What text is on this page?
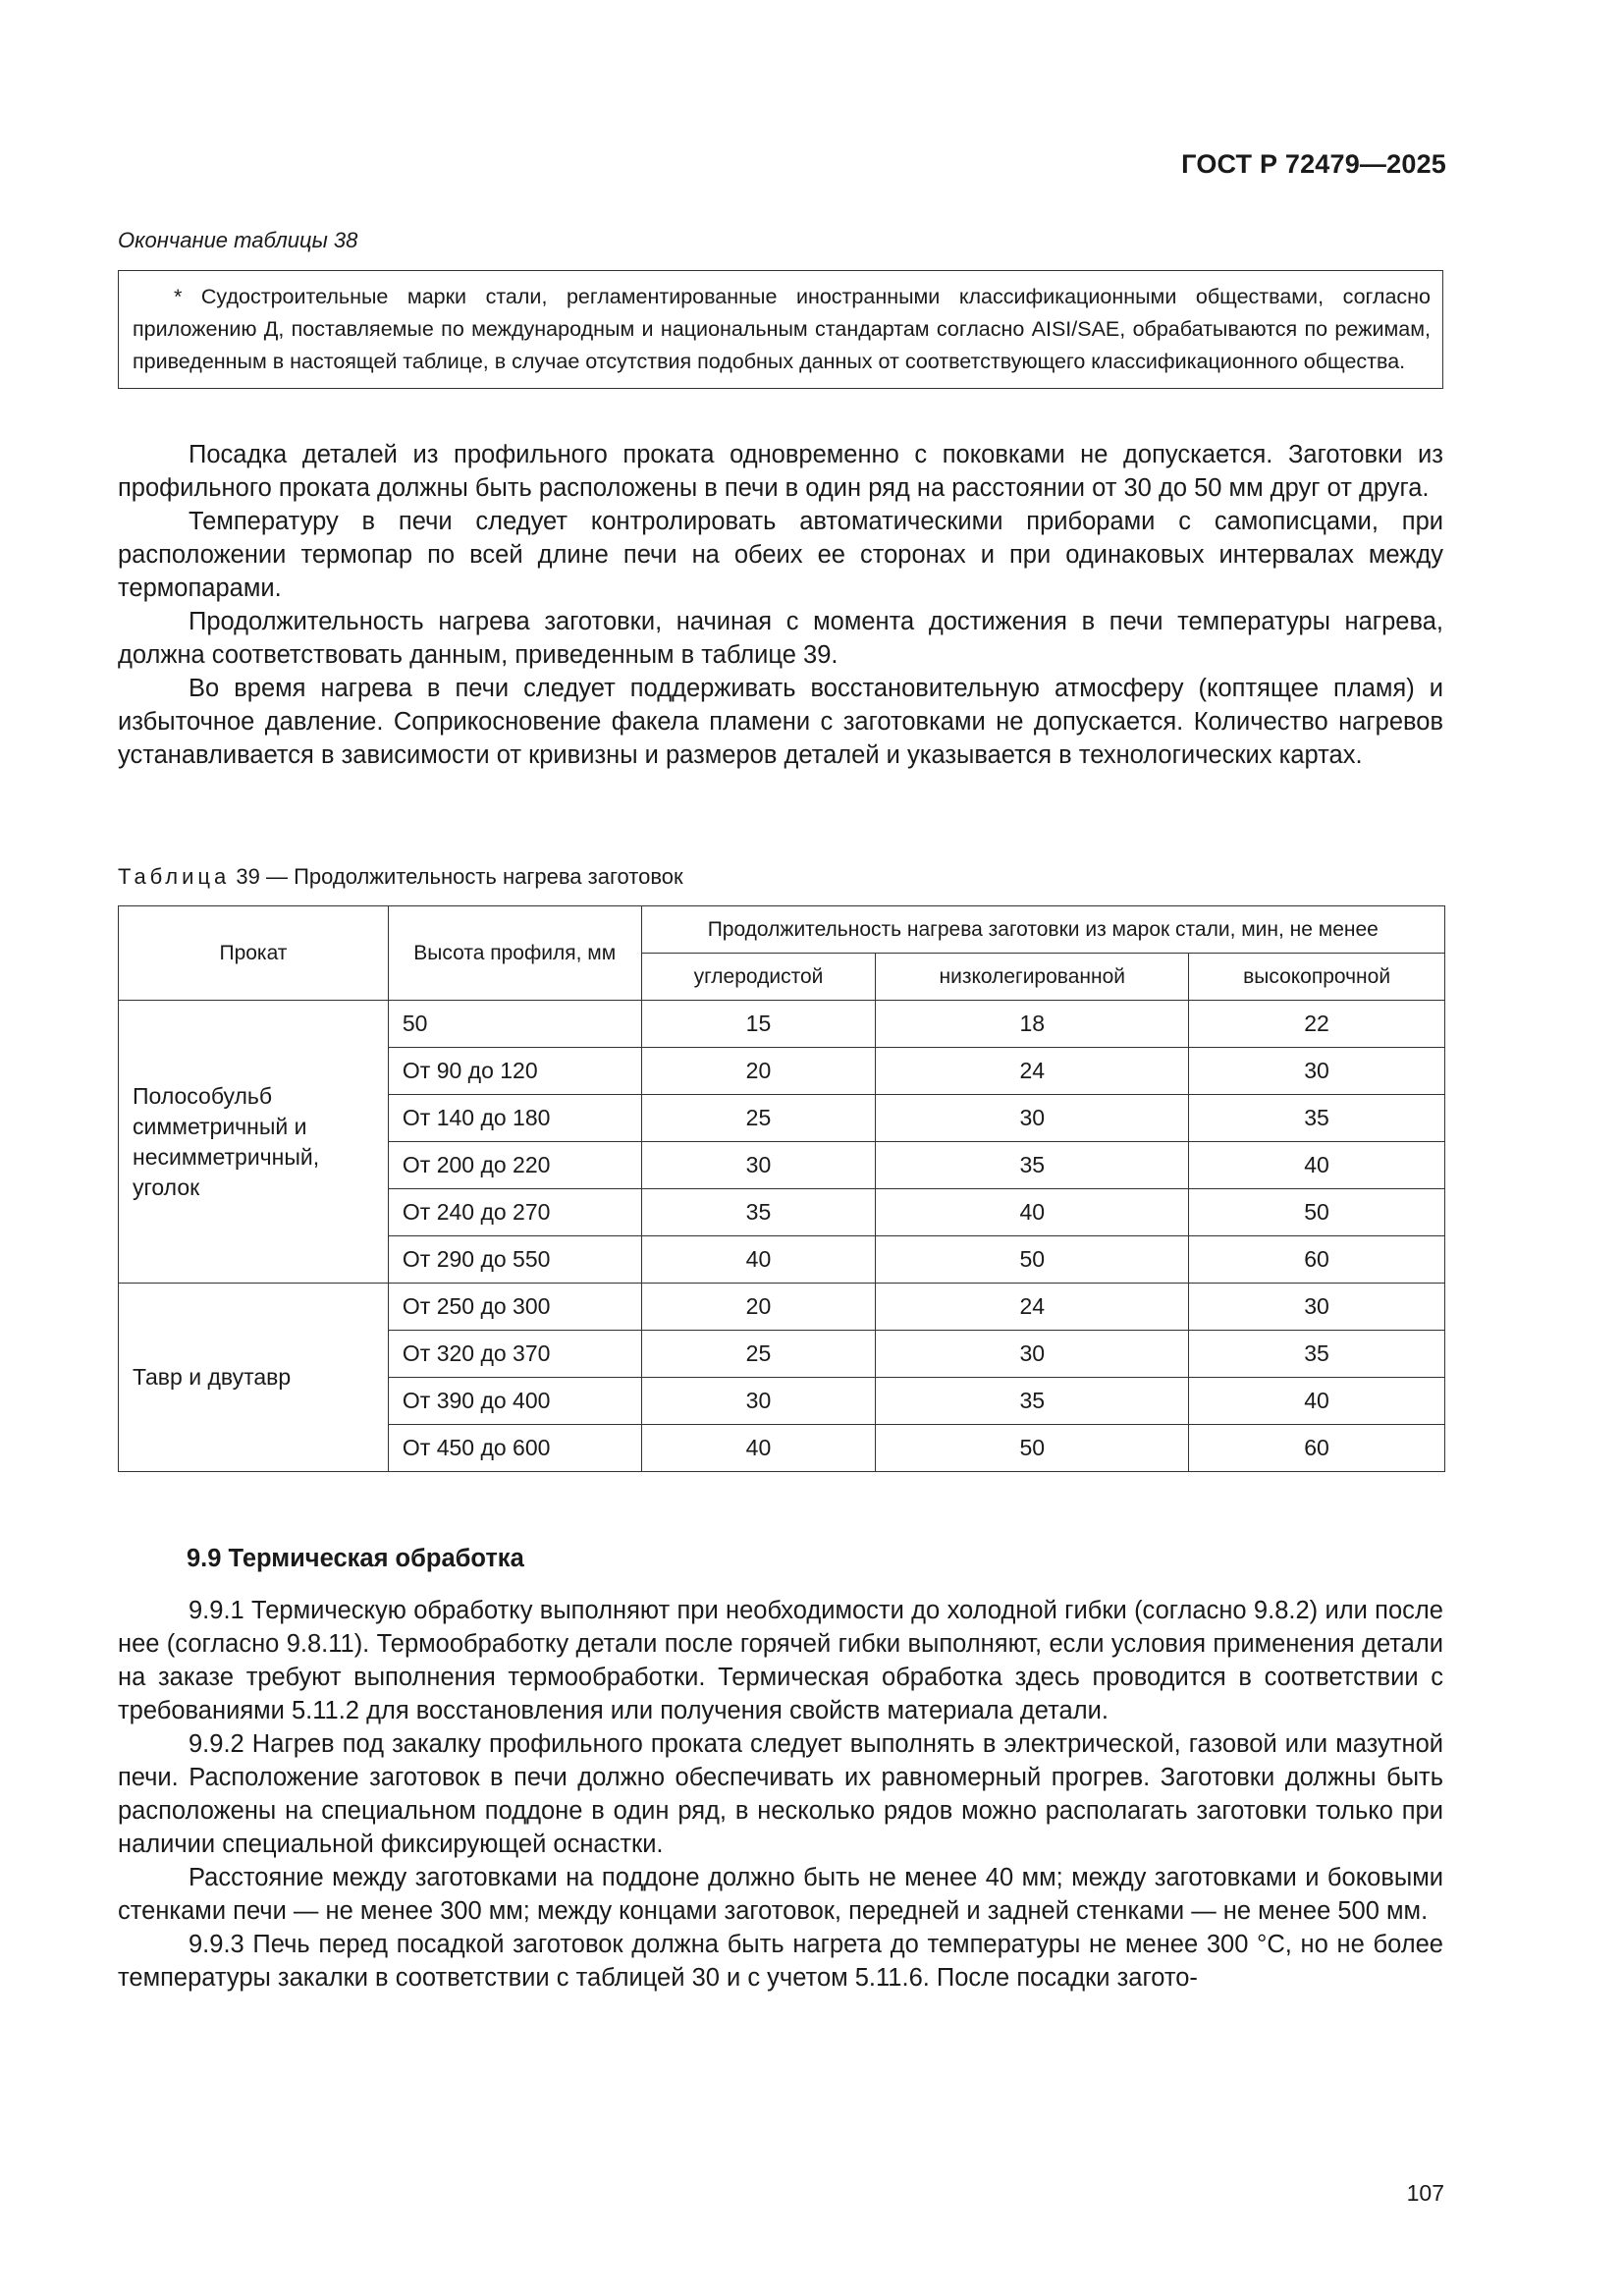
ГОСТ Р 72479—2025
Окончание таблицы 38

* Судостроительные марки стали, регламентированные иностранными классификационными обществами, согласно приложению Д, поставляемые по международным и национальным стандартам согласно AISI/SAE, обрабатываются по режимам, приведенным в настоящей таблице, в случае отсутствия подобных данных от соответствующего классификационного общества.

Посадка деталей из профильного проката одновременно с поковками не допускается. Заготовки из профильного проката должны быть расположены в печи в один ряд на расстоянии от 30 до 50 мм друг от друга.

Температуру в печи следует контролировать автоматическими приборами с самописцами, при расположении термопар по всей длине печи на обеих ее сторонах и при одинаковых интервалах между термопарами.

Продолжительность нагрева заготовки, начиная с момента достижения в печи температуры нагрева, должна соответствовать данным, приведенным в таблице 39.

Во время нагрева в печи следует поддерживать восстановительную атмосферу (коптящее пламя) и избыточное давление. Соприкосновение факела пламени с заготовками не допускается. Количество нагревов устанавливается в зависимости от кривизны и размеров деталей и указывается в технологических картах.

Таблица 39 — Продолжительность нагрева заготовок
Прокат	Высота профиля, мм	Продолжительность нагрева заготовки из марок стали, мин, не менее		
		углеродистой	низколегированной	высокопрочной
Полособульб симметричный и несимметричный, уголок	50	15	18	22
	От 90 до 120	20	24	30
	От 140 до 180	25	30	35
	От 200 до 220	30	35	40
	От 240 до 270	35	40	50
	От 290 до 550	40	50	60
Тавр и двутавр	От 250 до 300	20	24	30
	От 320 до 370	25	30	35
	От 390 до 400	30	35	40
	От 450 до 600	40	50	60
9.9 Термическая обработка

9.9.1 Термическую обработку выполняют при необходимости до холодной гибки (согласно 9.8.2) или после нее (согласно 9.8.11). Термообработку детали после горячей гибки выполняют, если условия применения детали на заказе требуют выполнения термообработки. Термическая обработка здесь проводится в соответствии с требованиями 5.11.2 для восстановления или получения свойств материала детали.

9.9.2 Нагрев под закалку профильного проката следует выполнять в электрической, газовой или мазутной печи. Расположение заготовок в печи должно обеспечивать их равномерный прогрев. Заготовки должны быть расположены на специальном поддоне в один ряд, в несколько рядов можно располагать заготовки только при наличии специальной фиксирующей оснастки.

Расстояние между заготовками на поддоне должно быть не менее 40 мм; между заготовками и боковыми стенками печи — не менее 300 мм; между концами заготовок, передней и задней стенками — не менее 500 мм.

9.9.3 Печь перед посадкой заготовок должна быть нагрета до температуры не менее 300 °С, но не более температуры закалки в соответствии с таблицей 30 и с учетом 5.11.6. После посадки загото-

107
